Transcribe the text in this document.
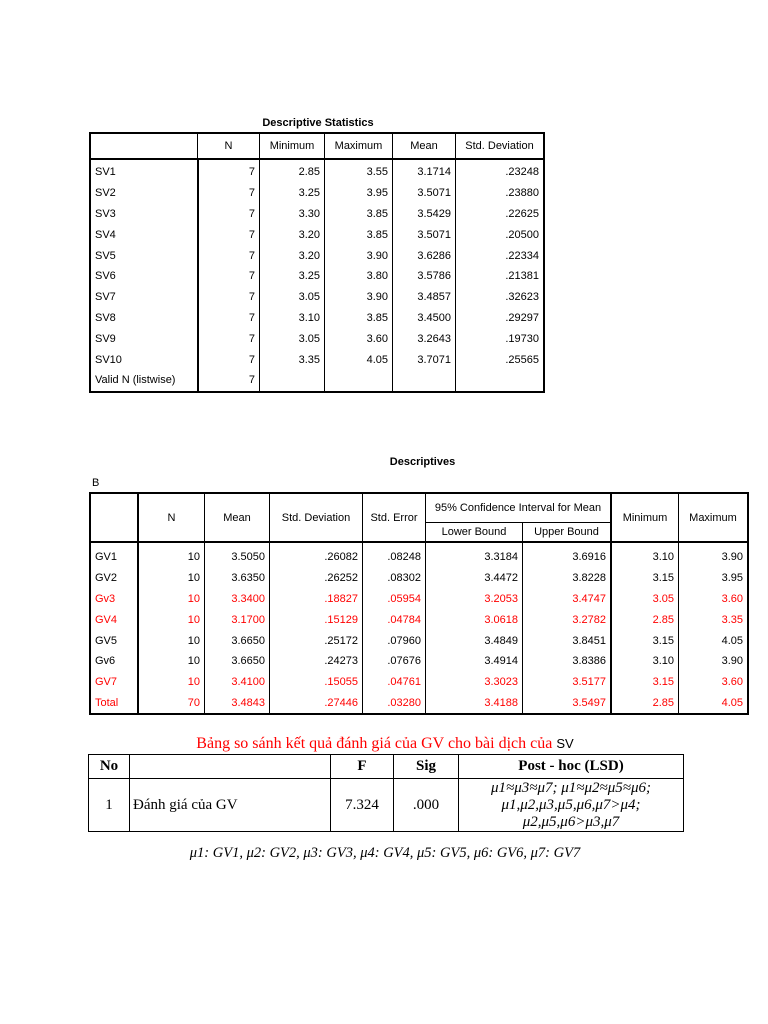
Descriptive Statistics
	N	Minimum	Maximum	Mean	Std. Deviation
SV1	7	2.85	3.55	3.1714	.23248
SV2	7	3.25	3.95	3.5071	.23880
SV3	7	3.30	3.85	3.5429	.22625
SV4	7	3.20	3.85	3.5071	.20500
SV5	7	3.20	3.90	3.6286	.22334
SV6	7	3.25	3.80	3.5786	.21381
SV7	7	3.05	3.90	3.4857	.32623
SV8	7	3.10	3.85	3.4500	.29297
SV9	7	3.05	3.60	3.2643	.19730
SV10	7	3.35	4.05	3.7071	.25565
Valid N (listwise)	7				
Descriptives
B
	N	Mean	Std. Deviation	Std. Error	95% Confidence Interval for Mean		Minimum	Maximum
					Lower Bound	Upper Bound		
GV1	10	3.5050	.26082	.08248	3.3184	3.6916	3.10	3.90
GV2	10	3.6350	.26252	.08302	3.4472	3.8228	3.15	3.95
Gv3	10	3.3400	.18827	.05954	3.2053	3.4747	3.05	3.60
GV4	10	3.1700	.15129	.04784	3.0618	3.2782	2.85	3.35
GV5	10	3.6650	.25172	.07960	3.4849	3.8451	3.15	4.05
Gv6	10	3.6650	.24273	.07676	3.4914	3.8386	3.10	3.90
GV7	10	3.4100	.15055	.04761	3.3023	3.5177	3.15	3.60
Total	70	3.4843	.27446	.03280	3.4188	3.5497	2.85	4.05
Bảng so sánh kết quả đánh giá của GV cho bài dịch của SV
No		F	Sig	Post - hoc (LSD)
1	Đánh giá của GV	7.324	.000	μ1≈μ3≈μ7; μ1≈μ2≈μ5≈μ6;
μ1,μ2,μ3,μ5,μ6,μ7>μ4;
μ2,μ5,μ6>μ3,μ7
μ1: GV1, μ2: GV2, μ3: GV3, μ4: GV4, μ5: GV5, μ6: GV6, μ7: GV7
